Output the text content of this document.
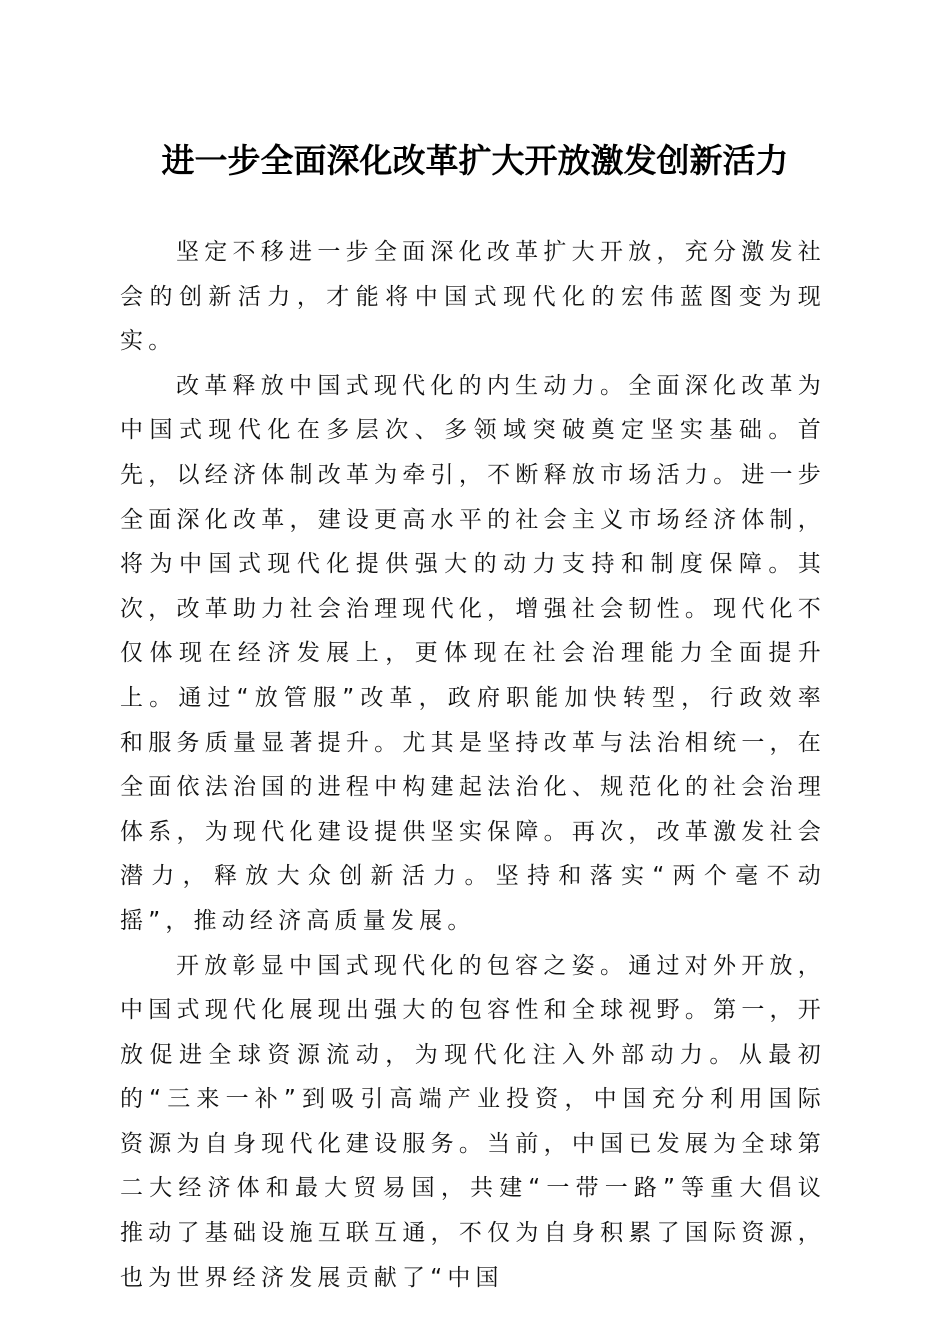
进一步全面深化改革扩大开放激发创新活力

坚定不移进一步全面深化改革扩大开放，充分激发社会的创新活力，才能将中国式现代化的宏伟蓝图变为现实。

改革释放中国式现代化的内生动力。全面深化改革为中国式现代化在多层次、多领域突破奠定坚实基础。首先，以经济体制改革为牵引，不断释放市场活力。进一步全面深化改革，建设更高水平的社会主义市场经济体制，将为中国式现代化提供强大的动力支持和制度保障。其次，改革助力社会治理现代化，增强社会韧性。现代化不仅体现在经济发展上，更体现在社会治理能力全面提升上。通过“放管服”改革，政府职能加快转型，行政效率和服务质量显著提升。尤其是坚持改革与法治相统一，在全面依法治国的进程中构建起法治化、规范化的社会治理体系，为现代化建设提供坚实保障。再次，改革激发社会潜力，释放大众创新活力。坚持和落实“两个毫不动摇”，推动经济高质量发展。

开放彰显中国式现代化的包容之姿。通过对外开放，中国式现代化展现出强大的包容性和全球视野。第一，开放促进全球资源流动，为现代化注入外部动力。从最初的“三来一补”到吸引高端产业投资，中国充分利用国际资源为自身现代化建设服务。当前，中国已发展为全球第二大经济体和最大贸易国，共建“一带一路”等重大倡议推动了基础设施互联互通，不仅为自身积累了国际资源，也为世界经济发展贡献了“中国
